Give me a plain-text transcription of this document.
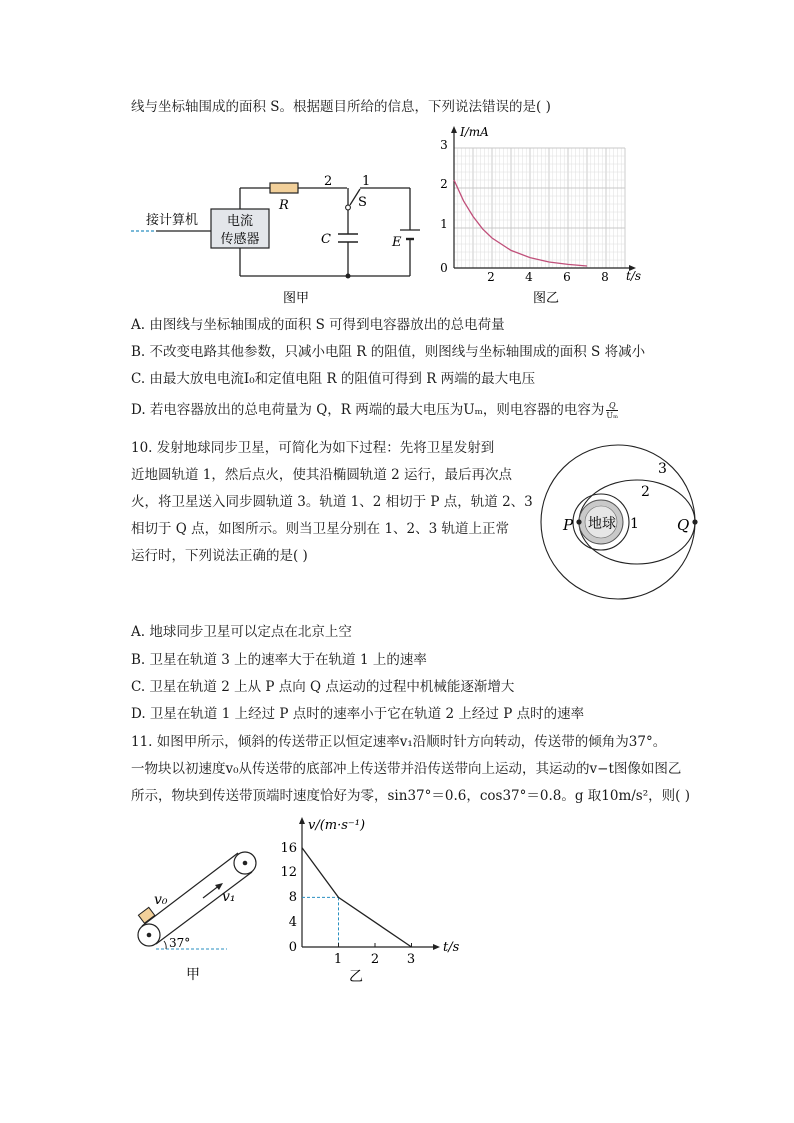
线与坐标轴围成的面积 S。根据题目所给的信息，下列说法错误的是( )
电流
传感器
接计算机
R
2 1
S
C	E
图甲
I/mA
t/s
0
3
2
1
2	4	6	8
图乙
A. 由图线与坐标轴围成的面积 S 可得到电容器放出的总电荷量
B. 不改变电路其他参数，只减小电阻 R 的阻值，则图线与坐标轴围成的面积 S 将减小
C. 由最大放电电流I₀和定值电阻 R 的阻值可得到 R 两端的最大电压
D. 若电容器放出的总电荷量为 Q，R 两端的最大电压为Uₘ，则电容器的电容为 $\frac{Q}{\text{Uₘ}}$
10. 发射地球同步卫星，可简化为如下过程：先将卫星发射到
近地圆轨道 1，然后点火，使其沿椭圆轨道 2 运行，最后再次点
火，将卫星送入同步圆轨道 3。轨道 1、2 相切于 P 点，轨道 2、3
相切于 Q 点，如图所示。则当卫星分别在 1、2、3 轨道上正常
运行时，下列说法正确的是( )
地球
P	Q
1
2
3
A. 地球同步卫星可以定点在北京上空
B. 卫星在轨道 3 上的速率大于在轨道 1 上的速率
C. 卫星在轨道 2 上从 P 点向 Q 点运动的过程中机械能逐渐增大
D. 卫星在轨道 1 上经过 P 点时的速率小于它在轨道 2 上经过 P 点时的速率
11. 如图甲所示，倾斜的传送带正以恒定速率v₁沿顺时针方向转动，传送带的倾角为37°。
一物块以初速度v₀从传送带的底部冲上传送带并沿传送带向上运动，其运动的v−t图像如图乙
所示，物块到传送带顶端时速度恰好为零，sin37°＝0.6，cos37°＝0.8。g 取10m/s²，则( )
v₀	v₁
37°
甲
v/(m·s⁻¹)
t/s
16
12
8
4
0
1 2 3
乙
